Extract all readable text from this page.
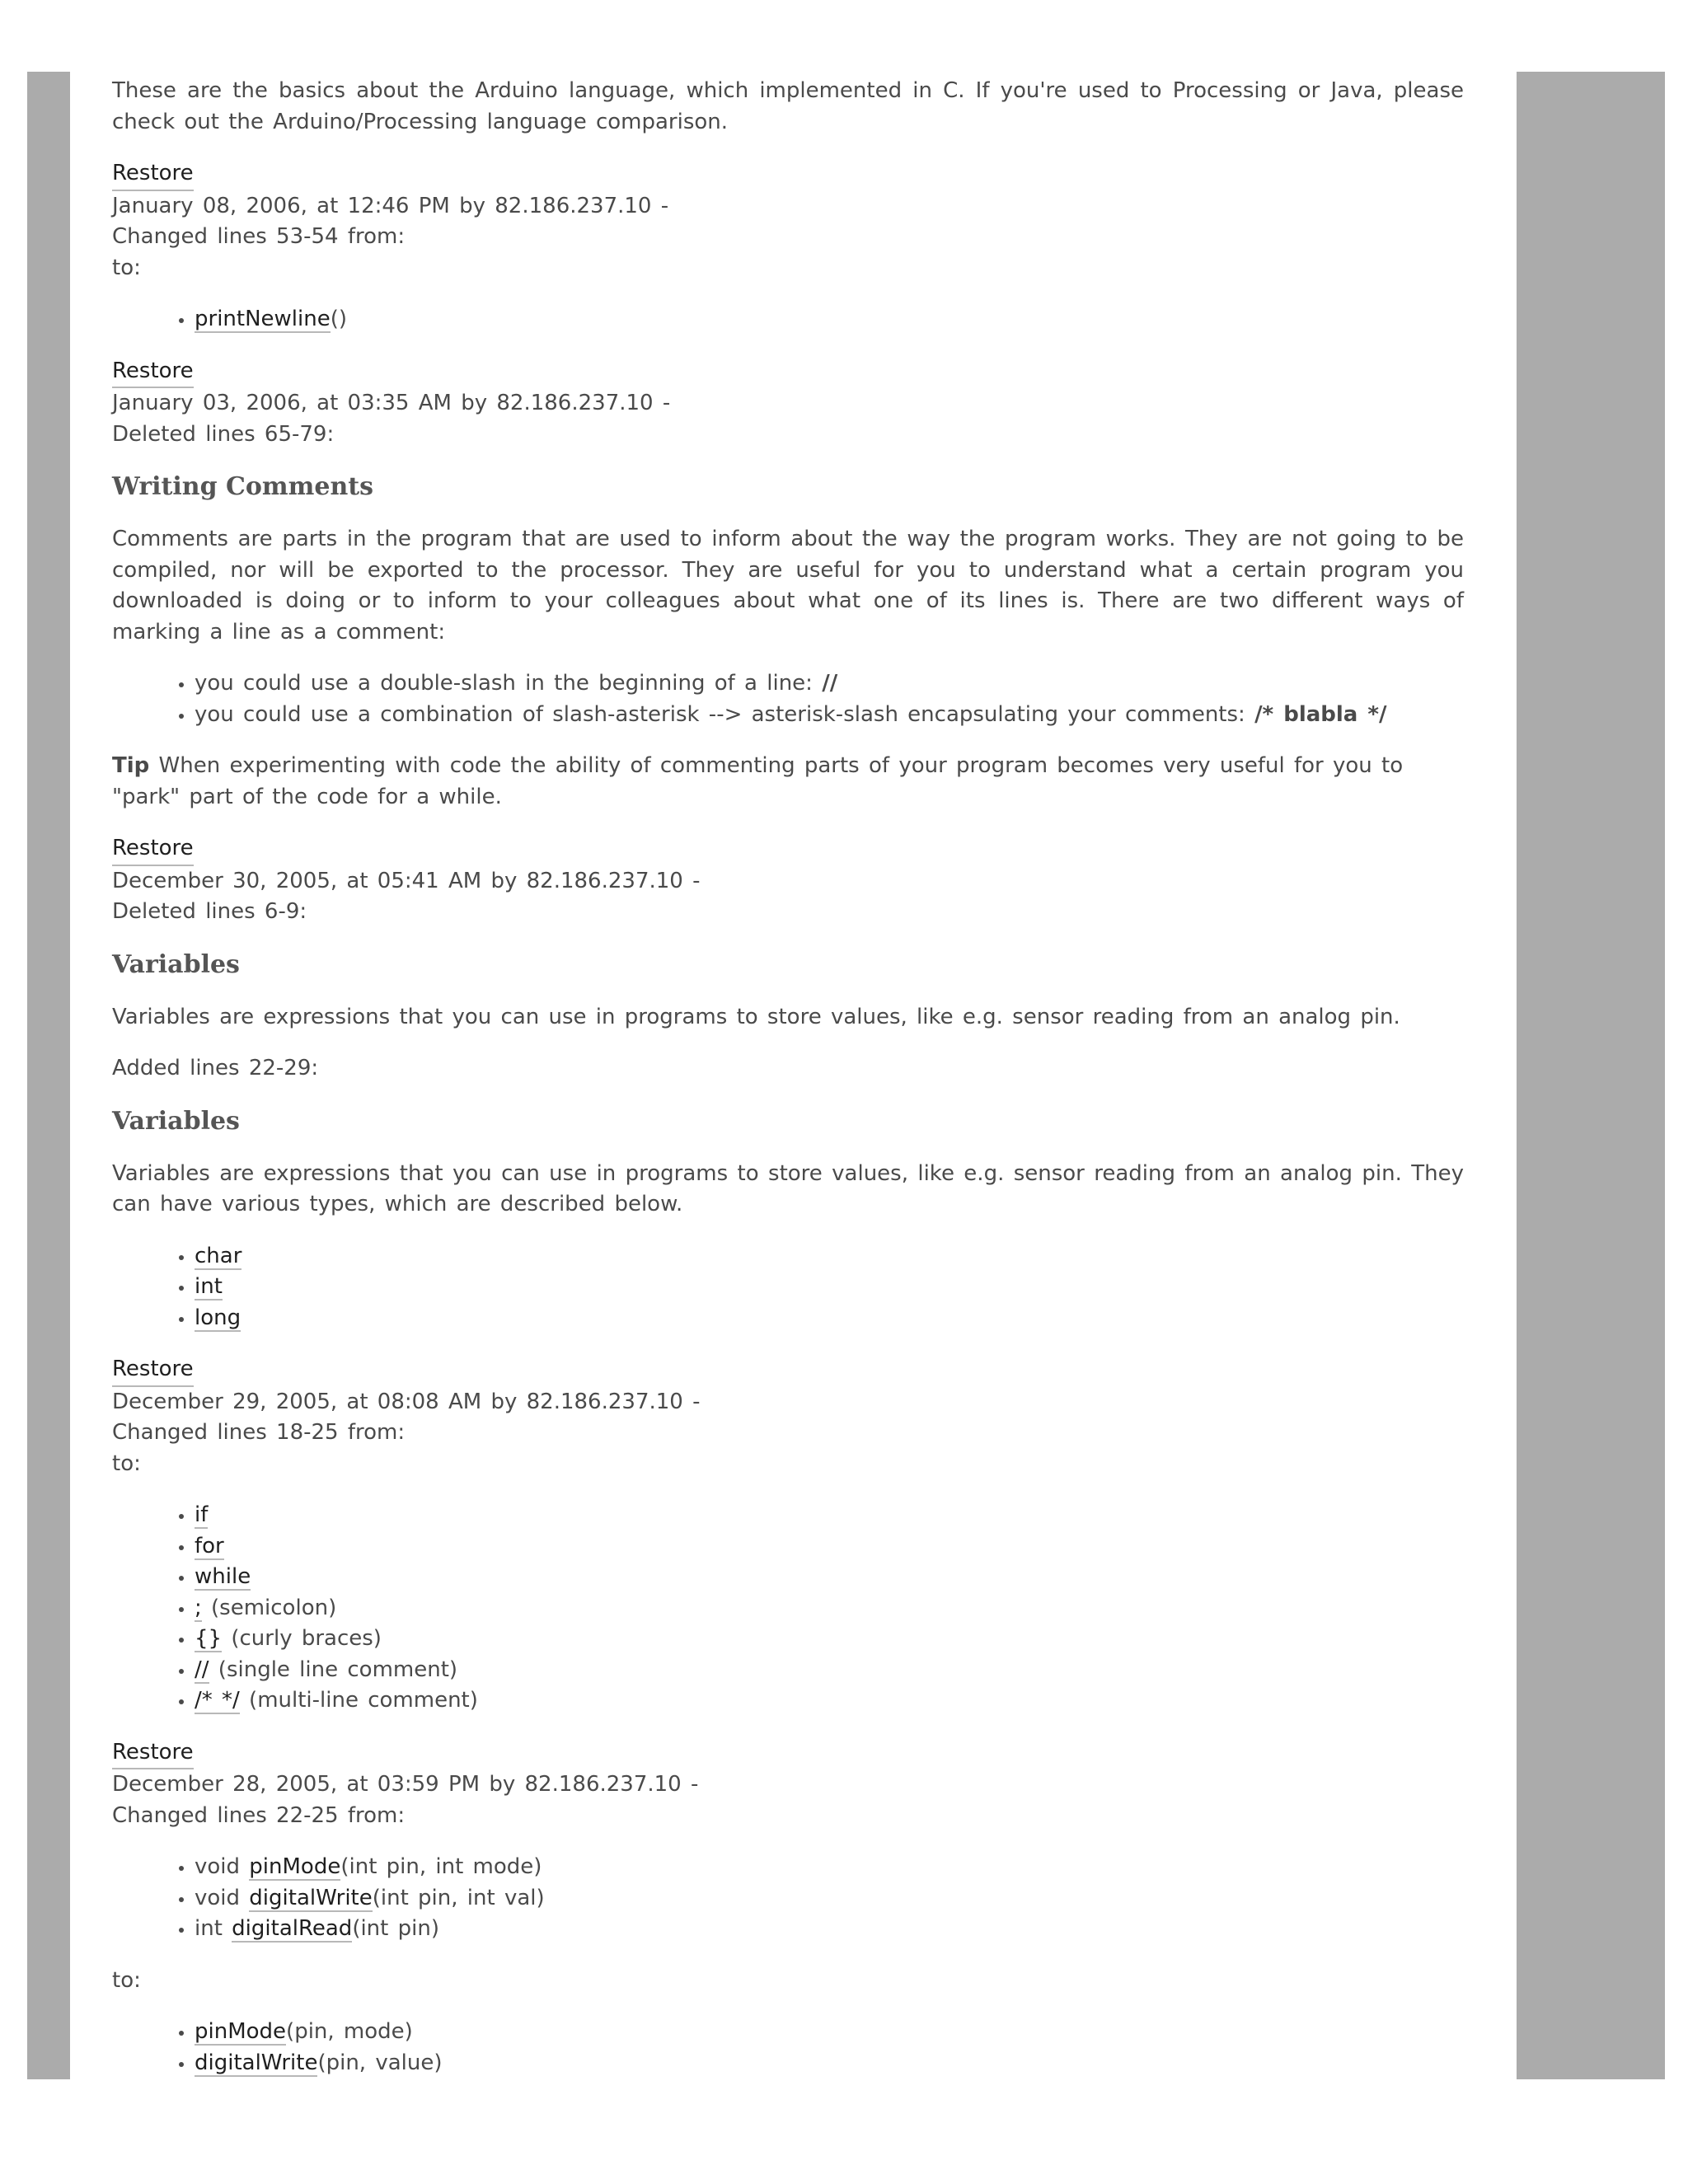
These are the basics about the Arduino language, which implemented in C. If you're used to Processing or Java, please check out the Arduino/Processing language comparison.

Restore
January 08, 2006, at 12:46 PM by 82.186.237.10 -
Changed lines 53-54 from:
to:

• printNewline()

Restore
January 03, 2006, at 03:35 AM by 82.186.237.10 -
Deleted lines 65-79:

Writing Comments

Comments are parts in the program that are used to inform about the way the program works. They are not going to be compiled, nor will be exported to the processor. They are useful for you to understand what a certain program you downloaded is doing or to inform to your colleagues about what one of its lines is. There are two different ways of marking a line as a comment:

• you could use a double-slash in the beginning of a line: //
• you could use a combination of slash-asterisk --> asterisk-slash encapsulating your comments: /* blabla */

Tip When experimenting with code the ability of commenting parts of your program becomes very useful for you to "park" part of the code for a while.

Restore
December 30, 2005, at 05:41 AM by 82.186.237.10 -
Deleted lines 6-9:

Variables

Variables are expressions that you can use in programs to store values, like e.g. sensor reading from an analog pin.

Added lines 22-29:

Variables

Variables are expressions that you can use in programs to store values, like e.g. sensor reading from an analog pin. They can have various types, which are described below.

• char
• int
• long

Restore
December 29, 2005, at 08:08 AM by 82.186.237.10 -
Changed lines 18-25 from:
to:

• if
• for
• while
• ; (semicolon)
• {} (curly braces)
• // (single line comment)
• /* */ (multi-line comment)

Restore
December 28, 2005, at 03:59 PM by 82.186.237.10 -
Changed lines 22-25 from:

• void pinMode(int pin, int mode)
• void digitalWrite(int pin, int val)
• int digitalRead(int pin)

to:

• pinMode(pin, mode)
• digitalWrite(pin, value)
